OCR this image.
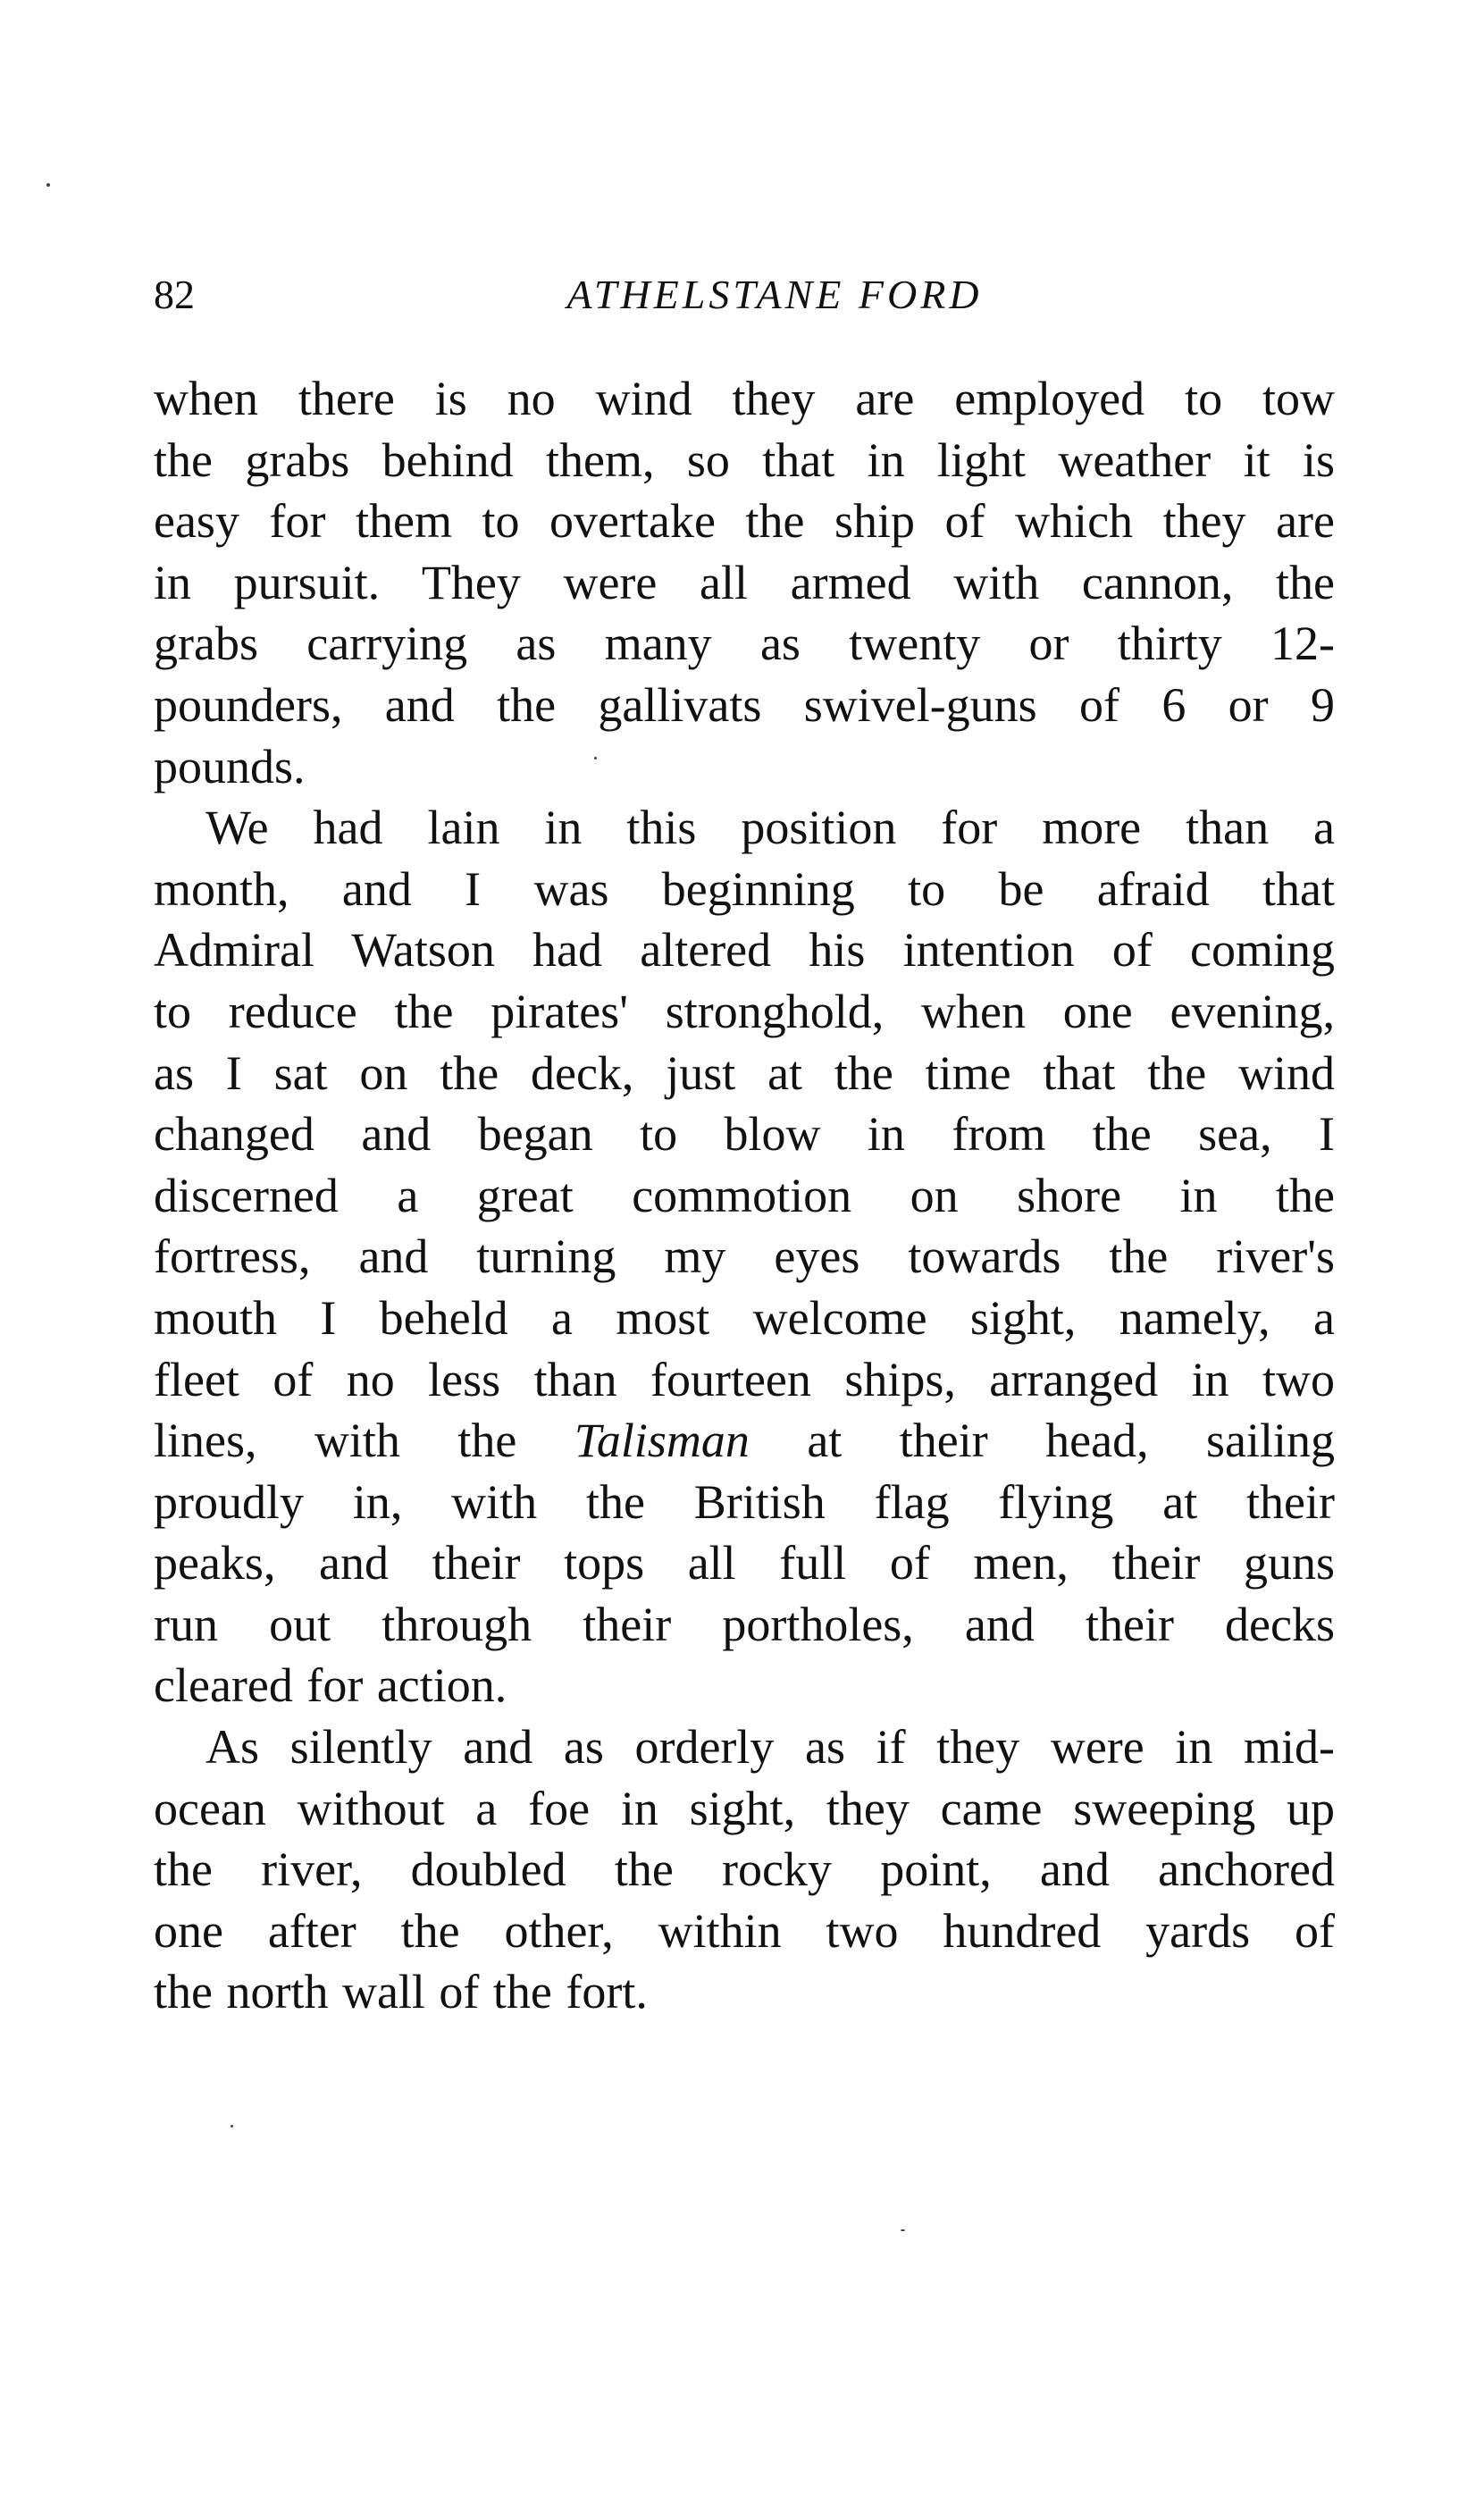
82	ATHELSTANE FORD

when there is no wind they are employed to tow
the grabs behind them, so that in light weather it is
easy for them to overtake the ship of which they are
in pursuit. They were all armed with cannon, the
grabs carrying as many as twenty or thirty 12-
pounders, and the gallivats swivel-guns of 6 or 9
pounds.

We had lain in this position for more than a
month, and I was beginning to be afraid that
Admiral Watson had altered his intention of coming
to reduce the pirates' stronghold, when one evening,
as I sat on the deck, just at the time that the wind
changed and began to blow in from the sea, I
discerned a great commotion on shore in the
fortress, and turning my eyes towards the river's
mouth I beheld a most welcome sight, namely, a
fleet of no less than fourteen ships, arranged in two
lines, with the Talisman at their head, sailing
proudly in, with the British flag flying at their
peaks, and their tops all full of men, their guns
run out through their portholes, and their decks
cleared for action.

As silently and as orderly as if they were in mid-
ocean without a foe in sight, they came sweeping up
the river, doubled the rocky point, and anchored
one after the other, within two hundred yards of
the north wall of the fort.
